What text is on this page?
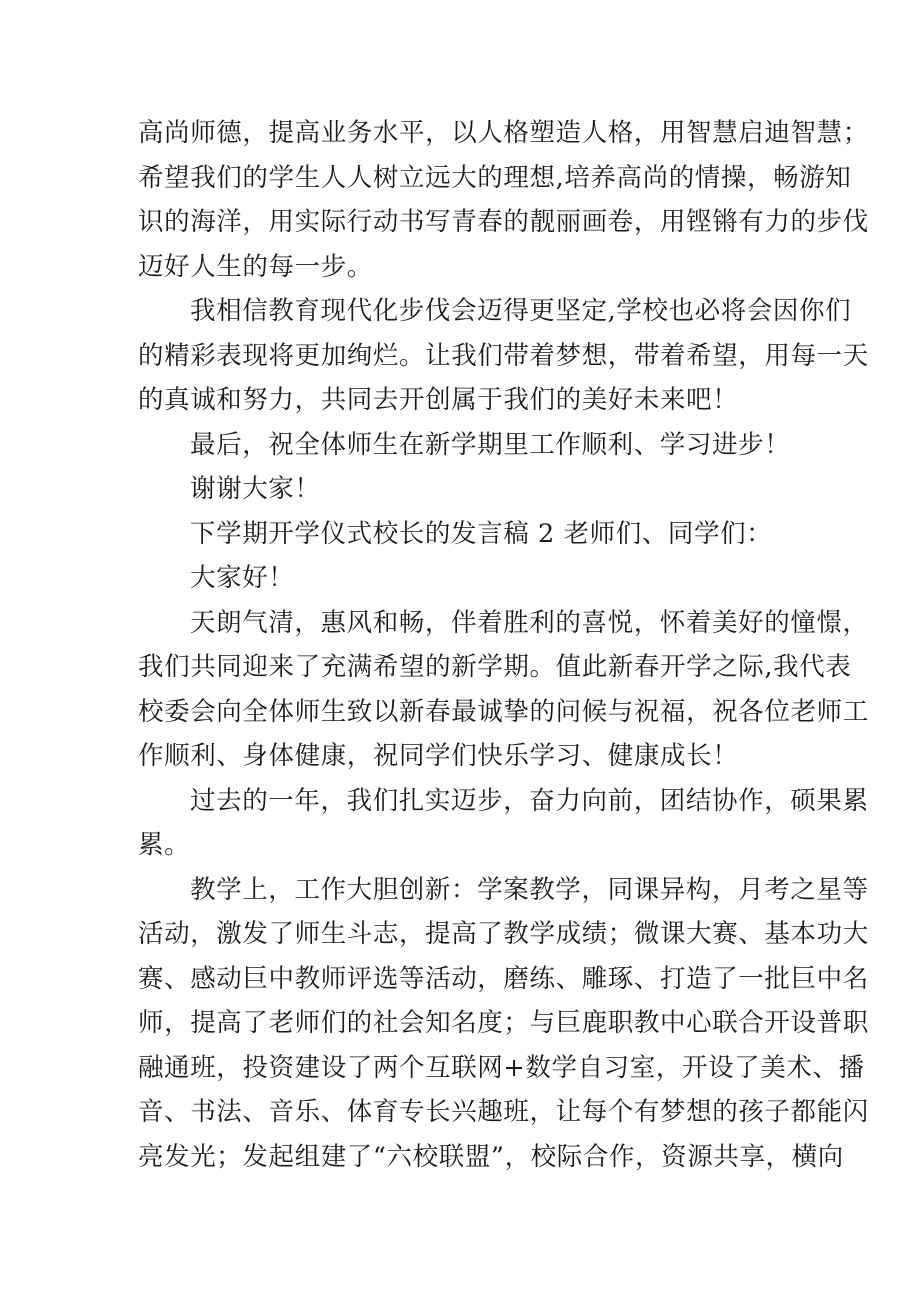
高尚师德，提高业务水平，以人格塑造人格，用智慧启迪智慧；
希望我们的学生人人树立远大的理想,培养高尚的情操，畅游知
识的海洋，用实际行动书写青春的靓丽画卷，用铿锵有力的步伐
迈好人生的每一步。
我相信教育现代化步伐会迈得更坚定,学校也必将会因你们
的精彩表现将更加绚烂。让我们带着梦想，带着希望，用每一天
的真诚和努力，共同去开创属于我们的美好未来吧！
最后，祝全体师生在新学期里工作顺利、学习进步！
谢谢大家！
下学期开学仪式校长的发言稿 2 老师们、同学们：
大家好！
天朗气清，惠风和畅，伴着胜利的喜悦，怀着美好的憧憬，
我们共同迎来了充满希望的新学期。值此新春开学之际,我代表
校委会向全体师生致以新春最诚挚的问候与祝福，祝各位老师工
作顺利、身体健康，祝同学们快乐学习、健康成长！
过去的一年，我们扎实迈步，奋力向前，团结协作，硕果累
累。
教学上，工作大胆创新：学案教学，同课异构，月考之星等
活动，激发了师生斗志，提高了教学成绩；微课大赛、基本功大
赛、感动巨中教师评选等活动，磨练、雕琢、打造了一批巨中名
师，提高了老师们的社会知名度；与巨鹿职教中心联合开设普职
融通班，投资建设了两个互联网+数学自习室，开设了美术、播
音、书法、音乐、体育专长兴趣班，让每个有梦想的孩子都能闪
亮发光；发起组建了“六校联盟”，校际合作，资源共享，横向
